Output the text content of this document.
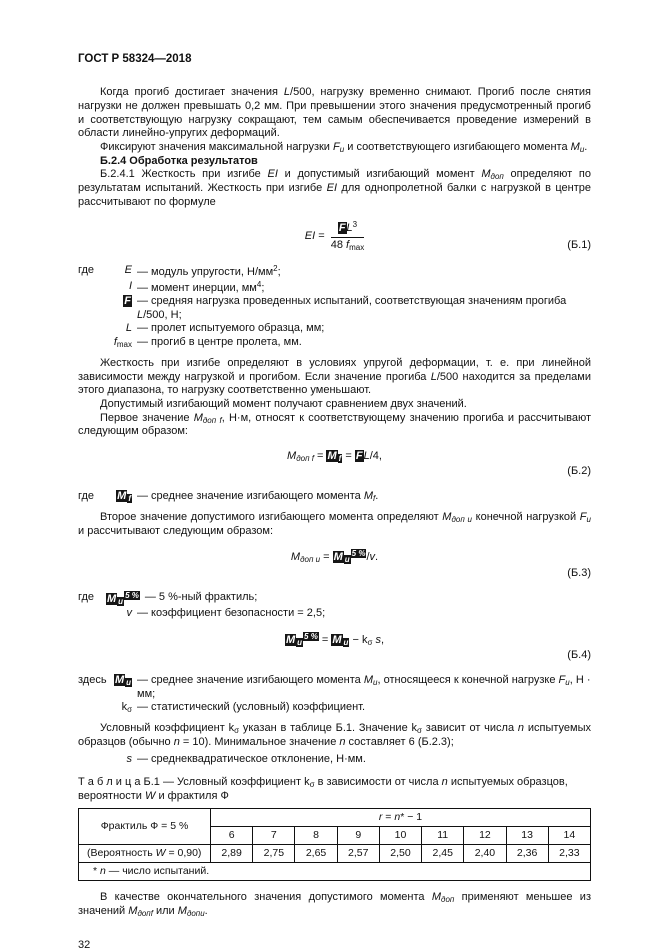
ГОСТ Р 58324—2018

Когда прогиб достигает значения L/500, нагрузку временно снимают. Прогиб после снятия нагрузки не должен превышать 0,2 мм. При превышении этого значения предусмотренный прогиб и соответствующую нагрузку сокращают, тем самым обеспечивается проведение измерений в области линейно-упругих деформаций.

Фиксируют значения максимальной нагрузки $F_u$ и соответствующего изгибающего момента $M_u$.

Б.2.4 Обработка результатов

Б.2.4.1 Жесткость при изгибе EI и допустимый изгибающий момент $M_{доп}$ определяют по результатам испытаний. Жесткость при изгибе EI для однопролетной балки с нагрузкой в центре рассчитывают по формуле

EI = $\frac{\overline{F}L^3}{48 f_{max}}$	(Б.1)
где	E — модуль упругости, $Н/мм^2$;
I — момент инерции, $мм^4$;
$\overline{F}$ — средняя нагрузка проведенных испытаний, соответствующая значениям прогиба L/500, Н;
L — пролет испытуемого образца, мм;
$f_{max}$ — прогиб в центре пролета, мм.

Жесткость при изгибе определяют в условиях упругой деформации, т. е. при линейной зависимости между нагрузкой и прогибом. Если значение прогиба L/500 находится за пределами этого диапазона, то нагрузку соответственно уменьшают.

Допустимый изгибающий момент получают сравнением двух значений.

Первое значение $M_{доп f}$, Н·м, относят к соответствующему значению прогиба и рассчитывают следующим образом:

$M_{доп f} = \overline{M}$ $_f = \overline{F}L/4$,
(Б.2)
где	$\overline{M}$ $_f$ — среднее значение изгибающего момента $M_f$.

Второе значение допустимого изгибающего момента определяют $M_{доп u}$ конечной нагрузкой $F_u$ и рассчитывают следующим образом:

$M_{доп u} = M$ $_u^{5 \%}$/v.
(Б.3)
где	M $_u^{5 \%}$ — 5 %-ный фрактиль;
v — коэффициент безопасности = 2,5;
M $_u^{5 \%} = \overline{M}$ $_u - k_\sigma$ s,
(Б.4)
здесь $\overline{M}$ $_u$ — среднее значение изгибающего момента $M_u$, относящееся к конечной нагрузке $F_u$, Н · мм;
$k_\sigma$ — статистический (условный) коэффициент.

Условный коэффициент $k_\sigma$ указан в таблице Б.1. Значение $k_\sigma$ зависит от числа n испытуемых образцов (обычно n = 10). Минимальное значение n составляет 6 (Б.2.3);

s — среднеквадратическое отклонение, Н·мм.
Т а б л и ц а Б.1 — Условный коэффициент $k_\sigma$ в зависимости от числа n испытуемых образцов, вероятности W и фрактиля Ф
Фрактиль Ф = 5 %	r = n* − 1								
	6	7	8	9	10	11	12	13	14
(Вероятность W = 0,90)	2,89	2,75	2,65	2,57	2,50	2,45	2,40	2,36	2,33
* n — число испытаний.									

В качестве окончательного значения допустимого момента $M_{доп}$ применяют меньшее из значений $M_{допf}$ или $M_{допu}$.

32
